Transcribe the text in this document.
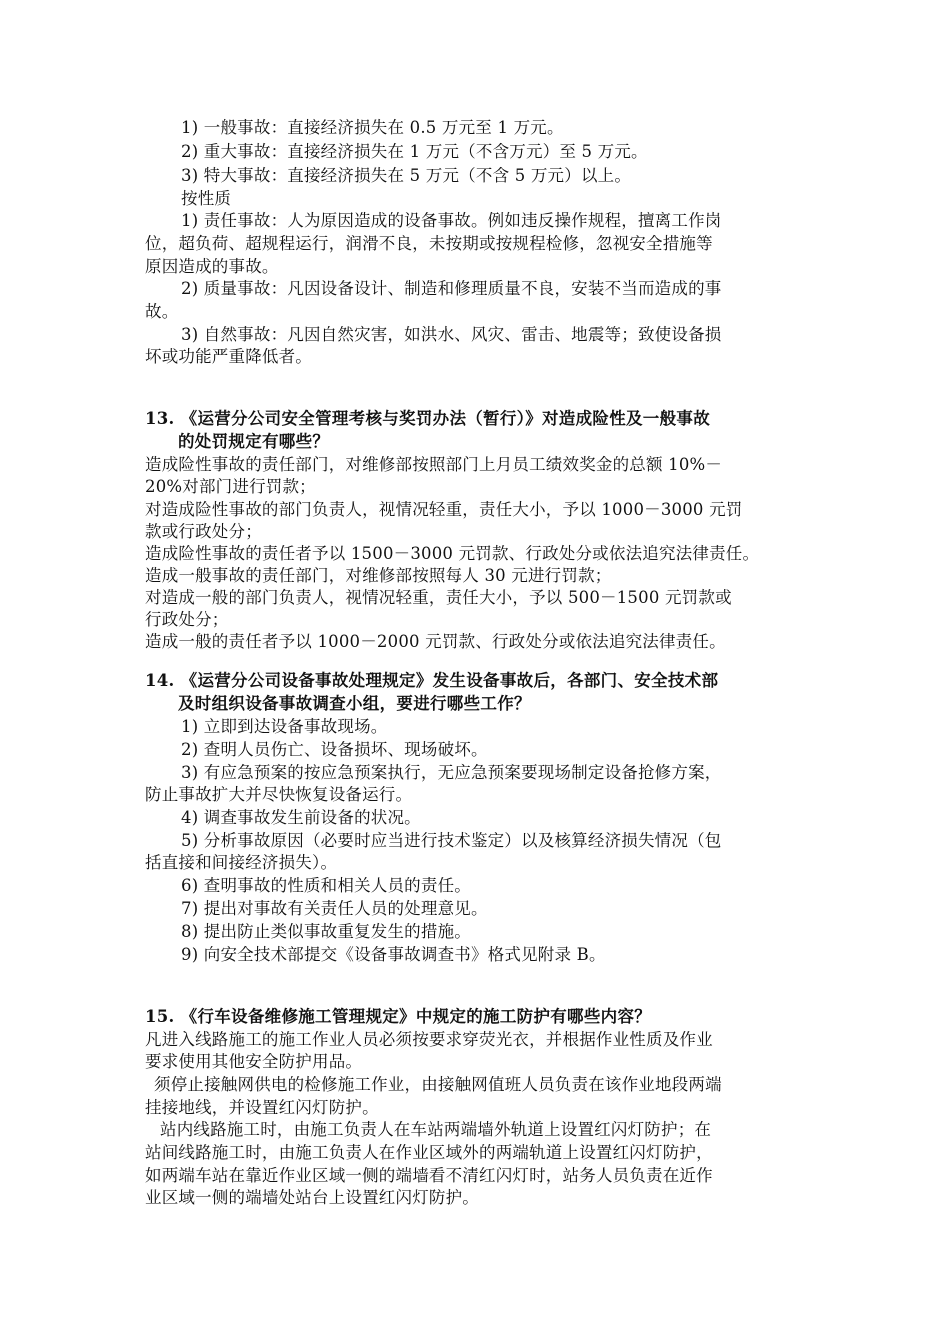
1) 一般事故：直接经济损失在 0.5 万元至 1 万元。
2) 重大事故：直接经济损失在 1 万元（不含万元）至 5 万元。
3) 特大事故：直接经济损失在 5 万元（不含 5 万元）以上。
按性质
1) 责任事故：人为原因造成的设备事故。例如违反操作规程，擅离工作岗
位，超负荷、超规程运行，润滑不良，未按期或按规程检修，忽视安全措施等
原因造成的事故。
2) 质量事故：凡因设备设计、制造和修理质量不良，安装不当而造成的事
故。
3) 自然事故：凡因自然灾害，如洪水、风灾、雷击、地震等；致使设备损
坏或功能严重降低者。
13. 《运营分公司安全管理考核与奖罚办法（暂行）》对造成险性及一般事故
的处罚规定有哪些？
造成险性事故的责任部门，对维修部按照部门上月员工绩效奖金的总额 10%－
20%对部门进行罚款；
对造成险性事故的部门负责人，视情况轻重，责任大小，予以 1000－3000 元罚
款或行政处分；
造成险性事故的责任者予以 1500－3000 元罚款、行政处分或依法追究法律责任。
造成一般事故的责任部门，对维修部按照每人 30 元进行罚款；
对造成一般的部门负责人，视情况轻重，责任大小，予以 500－1500 元罚款或
行政处分；
造成一般的责任者予以 1000－2000 元罚款、行政处分或依法追究法律责任。
14. 《运营分公司设备事故处理规定》发生设备事故后，各部门、安全技术部
及时组织设备事故调查小组，要进行哪些工作？
1) 立即到达设备事故现场。
2) 查明人员伤亡、设备损坏、现场破坏。
3) 有应急预案的按应急预案执行，无应急预案要现场制定设备抢修方案，
防止事故扩大并尽快恢复设备运行。
4) 调查事故发生前设备的状况。
5) 分析事故原因（必要时应当进行技术鉴定）以及核算经济损失情况（包
括直接和间接经济损失）。
6) 查明事故的性质和相关人员的责任。
7) 提出对事故有关责任人员的处理意见。
8) 提出防止类似事故重复发生的措施。
9) 向安全技术部提交《设备事故调查书》格式见附录 B。
15. 《行车设备维修施工管理规定》中规定的施工防护有哪些内容？
凡进入线路施工的施工作业人员必须按要求穿荧光衣，并根据作业性质及作业
要求使用其他安全防护用品。
须停止接触网供电的检修施工作业，由接触网值班人员负责在该作业地段两端
挂接地线，并设置红闪灯防护。
站内线路施工时，由施工负责人在车站两端墙外轨道上设置红闪灯防护；在
站间线路施工时，由施工负责人在作业区域外的两端轨道上设置红闪灯防护，
如两端车站在靠近作业区域一侧的端墙看不清红闪灯时，站务人员负责在近作
业区域一侧的端墙处站台上设置红闪灯防护。
